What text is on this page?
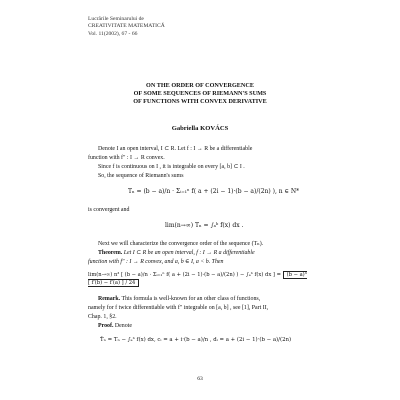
Lucrările Seminarului de
CREATIVITATE MATEMATICĂ
Vol. 11(2002), 67 - 66
ON THE ORDER OF CONVERGENCE
OF SOME SEQUENCES OF RIEMANN'S SUMS
OF FUNCTIONS WITH CONVEX DERIVATIVE
Gabriella KOVÁCS
Denote I an open interval, I ⊂ R. Let f : I → R be a differentiable
function with f″ : I → R convex.
Since f is continuous on I , it is integrable on every [a, b] ⊂ I .
So, the sequence of Riemann's sums
Tₙ = (b − a)/n · Σᵢ₌₁ⁿ f( a + (2i − 1)·(b − a)/(2n) ), n ∈ N*
is convergent and
lim(n→∞) Tₙ = ∫ₐᵇ f(x) dx .
Next we will characterize the convergence order of the sequence (Tₙ).
Theorem. Let I ⊂ R be an open interval, f : I → R a differentiable
function with f″ : I → R convex, and a, b ∈ I, a < b. Then
lim(n→∞) n³ [ (b − a)/n · Σᵢ₌₁ⁿ f( a + (2i − 1)·(b − a)/(2n) ) − ∫ₐᵇ f(x) dx ] = (b − a)³ [ f′(b) − f′(a) ] / 24
Remark. This formula is well-known for an other class of functions,
namely for f twice differentiable with f″ integrable on [a, b] , see [1], Part II,
Chap. 1, §2.
Proof. Denote
T̃ₙ = Tₙ − ∫ₐᵇ f(x) dx, cᵢ = a + i·(b − a)/n , dᵢ = a + (2i − 1)·(b − a)/(2n)
63
